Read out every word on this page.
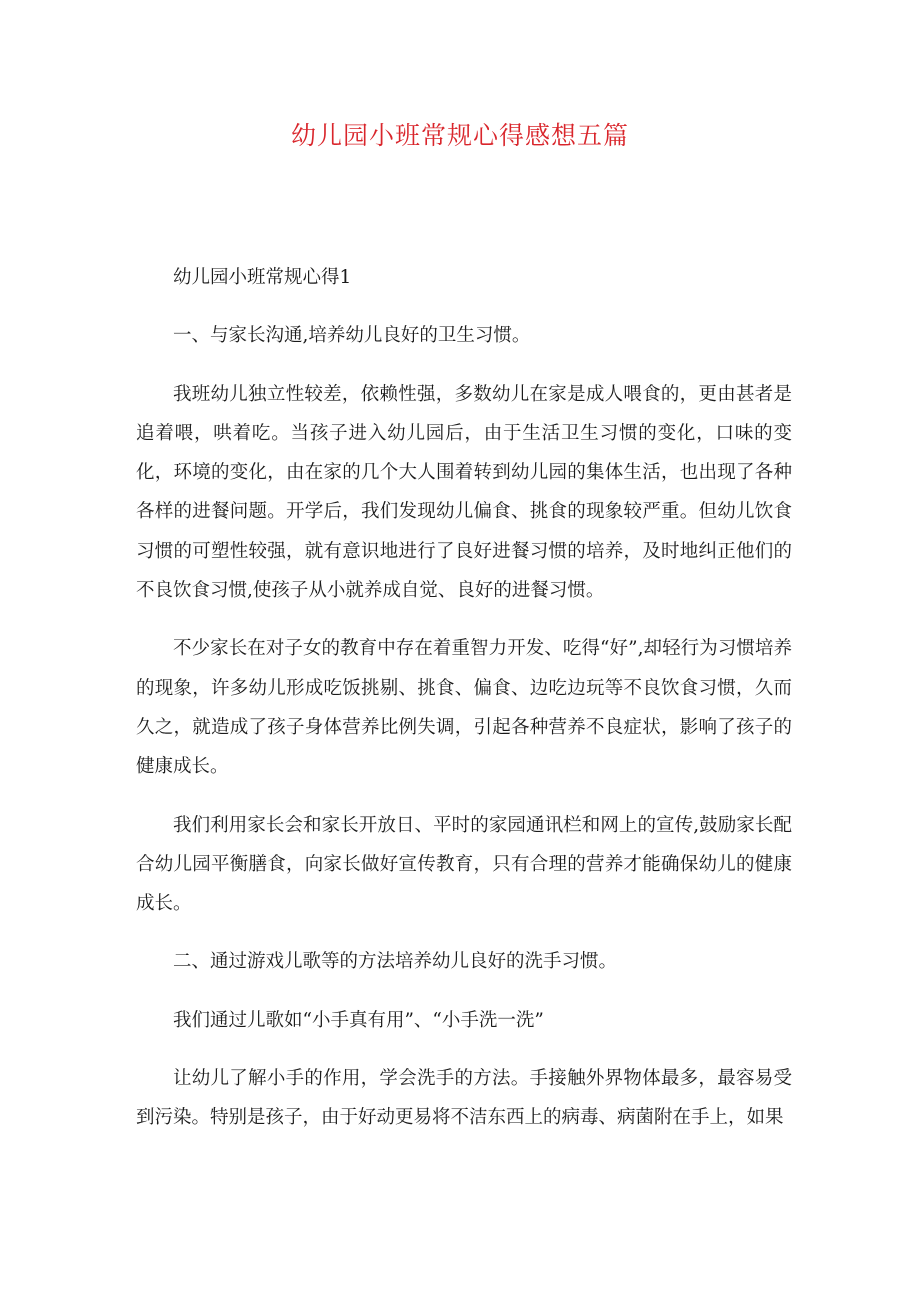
幼儿园小班常规心得感想五篇

幼儿园小班常规心得1

一、与家长沟通,培养幼儿良好的卫生习惯。

我班幼儿独立性较差，依赖性强，多数幼儿在家是成人喂食的，更由甚者是追着喂，哄着吃。当孩子进入幼儿园后，由于生活卫生习惯的变化，口味的变化，环境的变化，由在家的几个大人围着转到幼儿园的集体生活，也出现了各种各样的进餐问题。开学后，我们发现幼儿偏食、挑食的现象较严重。但幼儿饮食习惯的可塑性较强，就有意识地进行了良好进餐习惯的培养，及时地纠正他们的不良饮食习惯,使孩子从小就养成自觉、良好的进餐习惯。

不少家长在对子女的教育中存在着重智力开发、吃得“好”,却轻行为习惯培养的现象，许多幼儿形成吃饭挑剔、挑食、偏食、边吃边玩等不良饮食习惯，久而久之，就造成了孩子身体营养比例失调，引起各种营养不良症状，影响了孩子的健康成长。

我们利用家长会和家长开放日、平时的家园通讯栏和网上的宣传,鼓励家长配合幼儿园平衡膳食，向家长做好宣传教育，只有合理的营养才能确保幼儿的健康成长。

二、通过游戏儿歌等的方法培养幼儿良好的洗手习惯。

我们通过儿歌如“小手真有用”、“小手洗一洗”

让幼儿了解小手的作用，学会洗手的方法。手接触外界物体最多，最容易受到污染。特别是孩子，由于好动更易将不洁东西上的病毒、病菌附在手上，如果
